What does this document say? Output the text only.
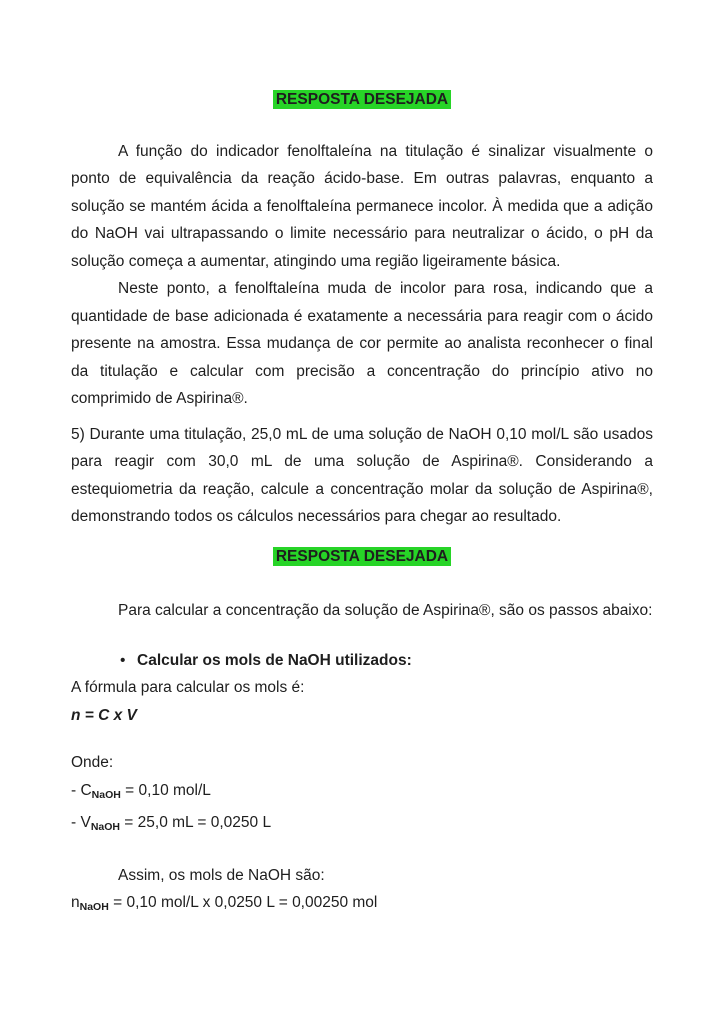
RESPOSTA DESEJADA

A função do indicador fenolftaleína na titulação é sinalizar visualmente o ponto de equivalência da reação ácido-base. Em outras palavras, enquanto a solução se mantém ácida a fenolftaleína permanece incolor. À medida que a adição do NaOH vai ultrapassando o limite necessário para neutralizar o ácido, o pH da solução começa a aumentar, atingindo uma região ligeiramente básica.

Neste ponto, a fenolftaleína muda de incolor para rosa, indicando que a quantidade de base adicionada é exatamente a necessária para reagir com o ácido presente na amostra. Essa mudança de cor permite ao analista reconhecer o final da titulação e calcular com precisão a concentração do princípio ativo no comprimido de Aspirina®.

5) Durante uma titulação, 25,0 mL de uma solução de NaOH 0,10 mol/L são usados para reagir com 30,0 mL de uma solução de Aspirina®. Considerando a estequiometria da reação, calcule a concentração molar da solução de Aspirina®, demonstrando todos os cálculos necessários para chegar ao resultado.

RESPOSTA DESEJADA

Para calcular a concentração da solução de Aspirina®, são os passos abaixo:

• Calcular os mols de NaOH utilizados:

A fórmula para calcular os mols é:

n = C x V

Onde:

- $C_{NaOH} = 0,10$ mol/L

- $V_{NaOH} = 25,0$ mL = 0,0250 L

Assim, os mols de NaOH são:

$n_{NaOH} = 0,10$ mol/L x 0,0250 L = 0,00250 mol
